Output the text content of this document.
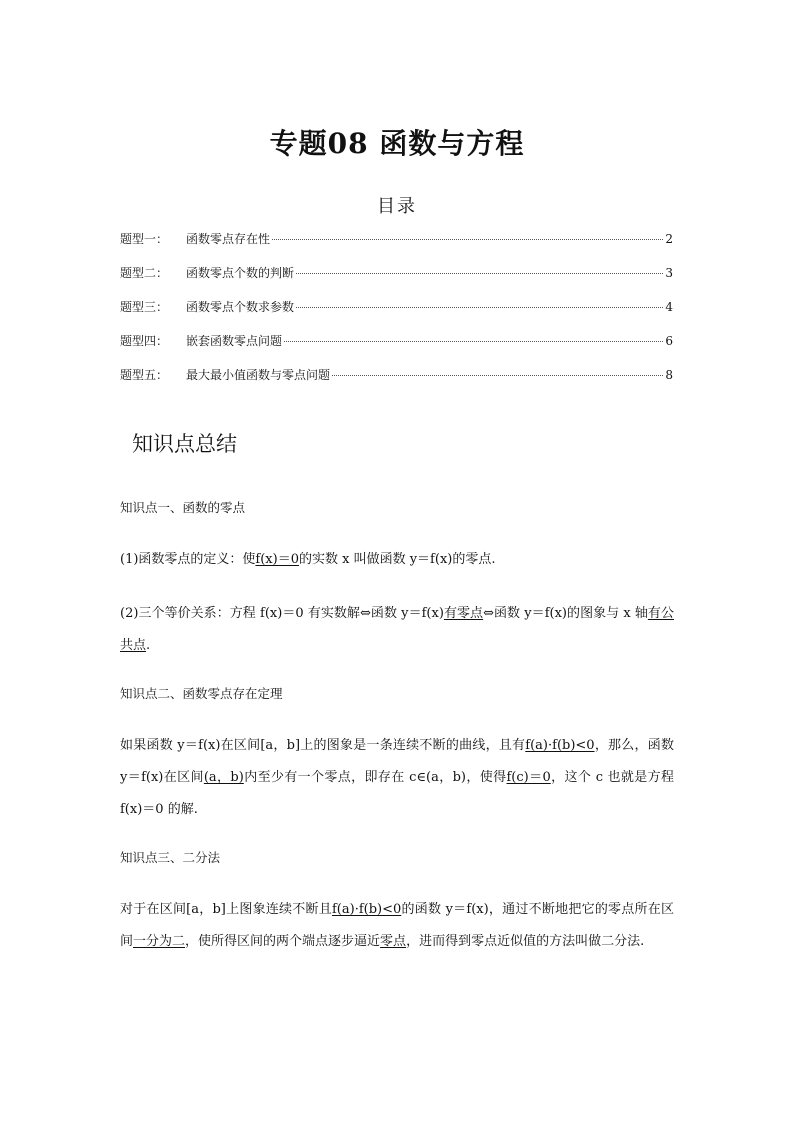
专题08 函数与方程
目录
题型一： 函数零点存在性	2
题型二： 函数零点个数的判断	3
题型三： 函数零点个数求参数	4
题型四： 嵌套函数零点问题	6
题型五： 最大最小值函数与零点问题	8
知识点总结

知识点一、函数的零点

(1)函数零点的定义：使f(x)＝0的实数 x 叫做函数 y＝f(x)的零点.

(2)三个等价关系：方程 f(x)＝0 有实数解⇔函数 y＝f(x)有零点⇔函数 y＝f(x)的图象与 x 轴有公共点.

知识点二、函数零点存在定理

如果函数 y＝f(x)在区间[a，b]上的图象是一条连续不断的曲线，且有f(a)·f(b)<0，那么，函数 y＝f(x)在区间(a，b)内至少有一个零点，即存在 c∈(a，b)，使得f(c)＝0，这个 c 也就是方程 f(x)＝0 的解.

知识点三、二分法

对于在区间[a，b]上图象连续不断且f(a)·f(b)<0的函数 y＝f(x)，通过不断地把它的零点所在区间一分为二，使所得区间的两个端点逐步逼近零点，进而得到零点近似值的方法叫做二分法.
